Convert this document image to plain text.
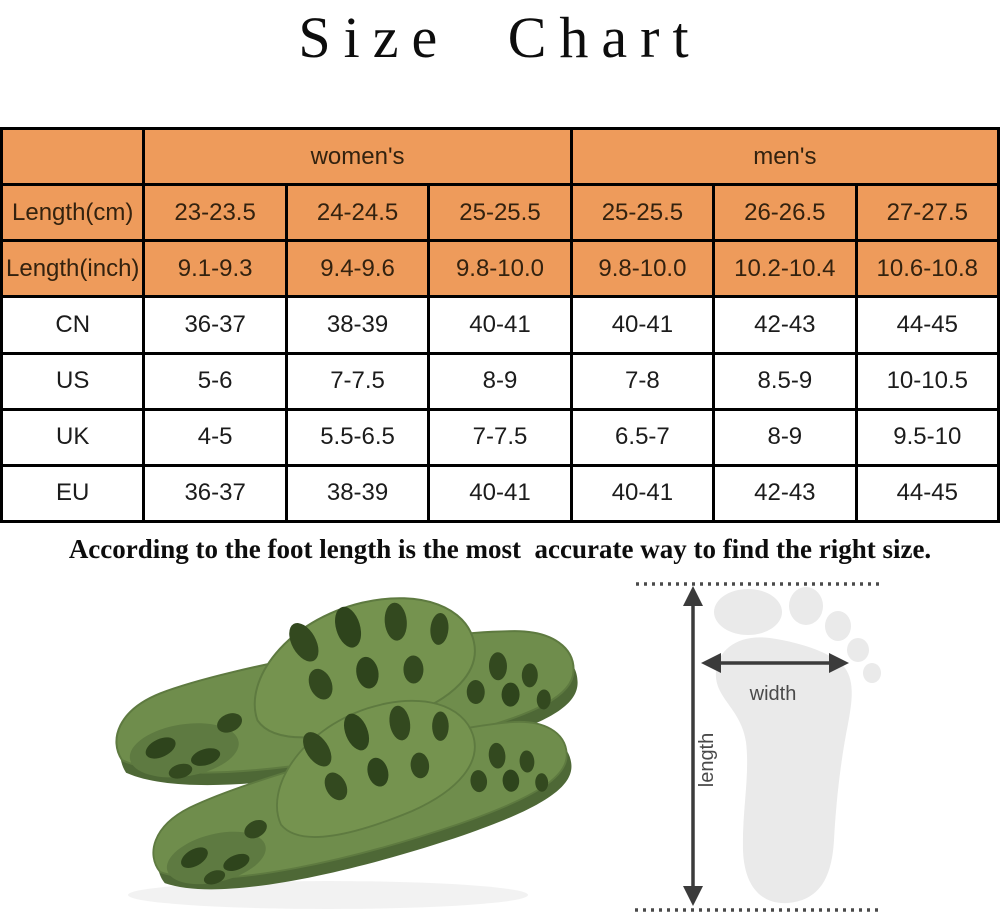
Size Chart
	women's			men's		
Length(cm)	23-23.5	24-24.5	25-25.5	25-25.5	26-26.5	27-27.5
Length(inch)	9.1-9.3	9.4-9.6	9.8-10.0	9.8-10.0	10.2-10.4	10.6-10.8
CN	36-37	38-39	40-41	40-41	42-43	44-45
US	5-6	7-7.5	8-9	7-8	8.5-9	10-10.5
UK	4-5	5.5-6.5	7-7.5	6.5-7	8-9	9.5-10
EU	36-37	38-39	40-41	40-41	42-43	44-45

According to the foot length is the most  accurate way to find the right size.

width
length
